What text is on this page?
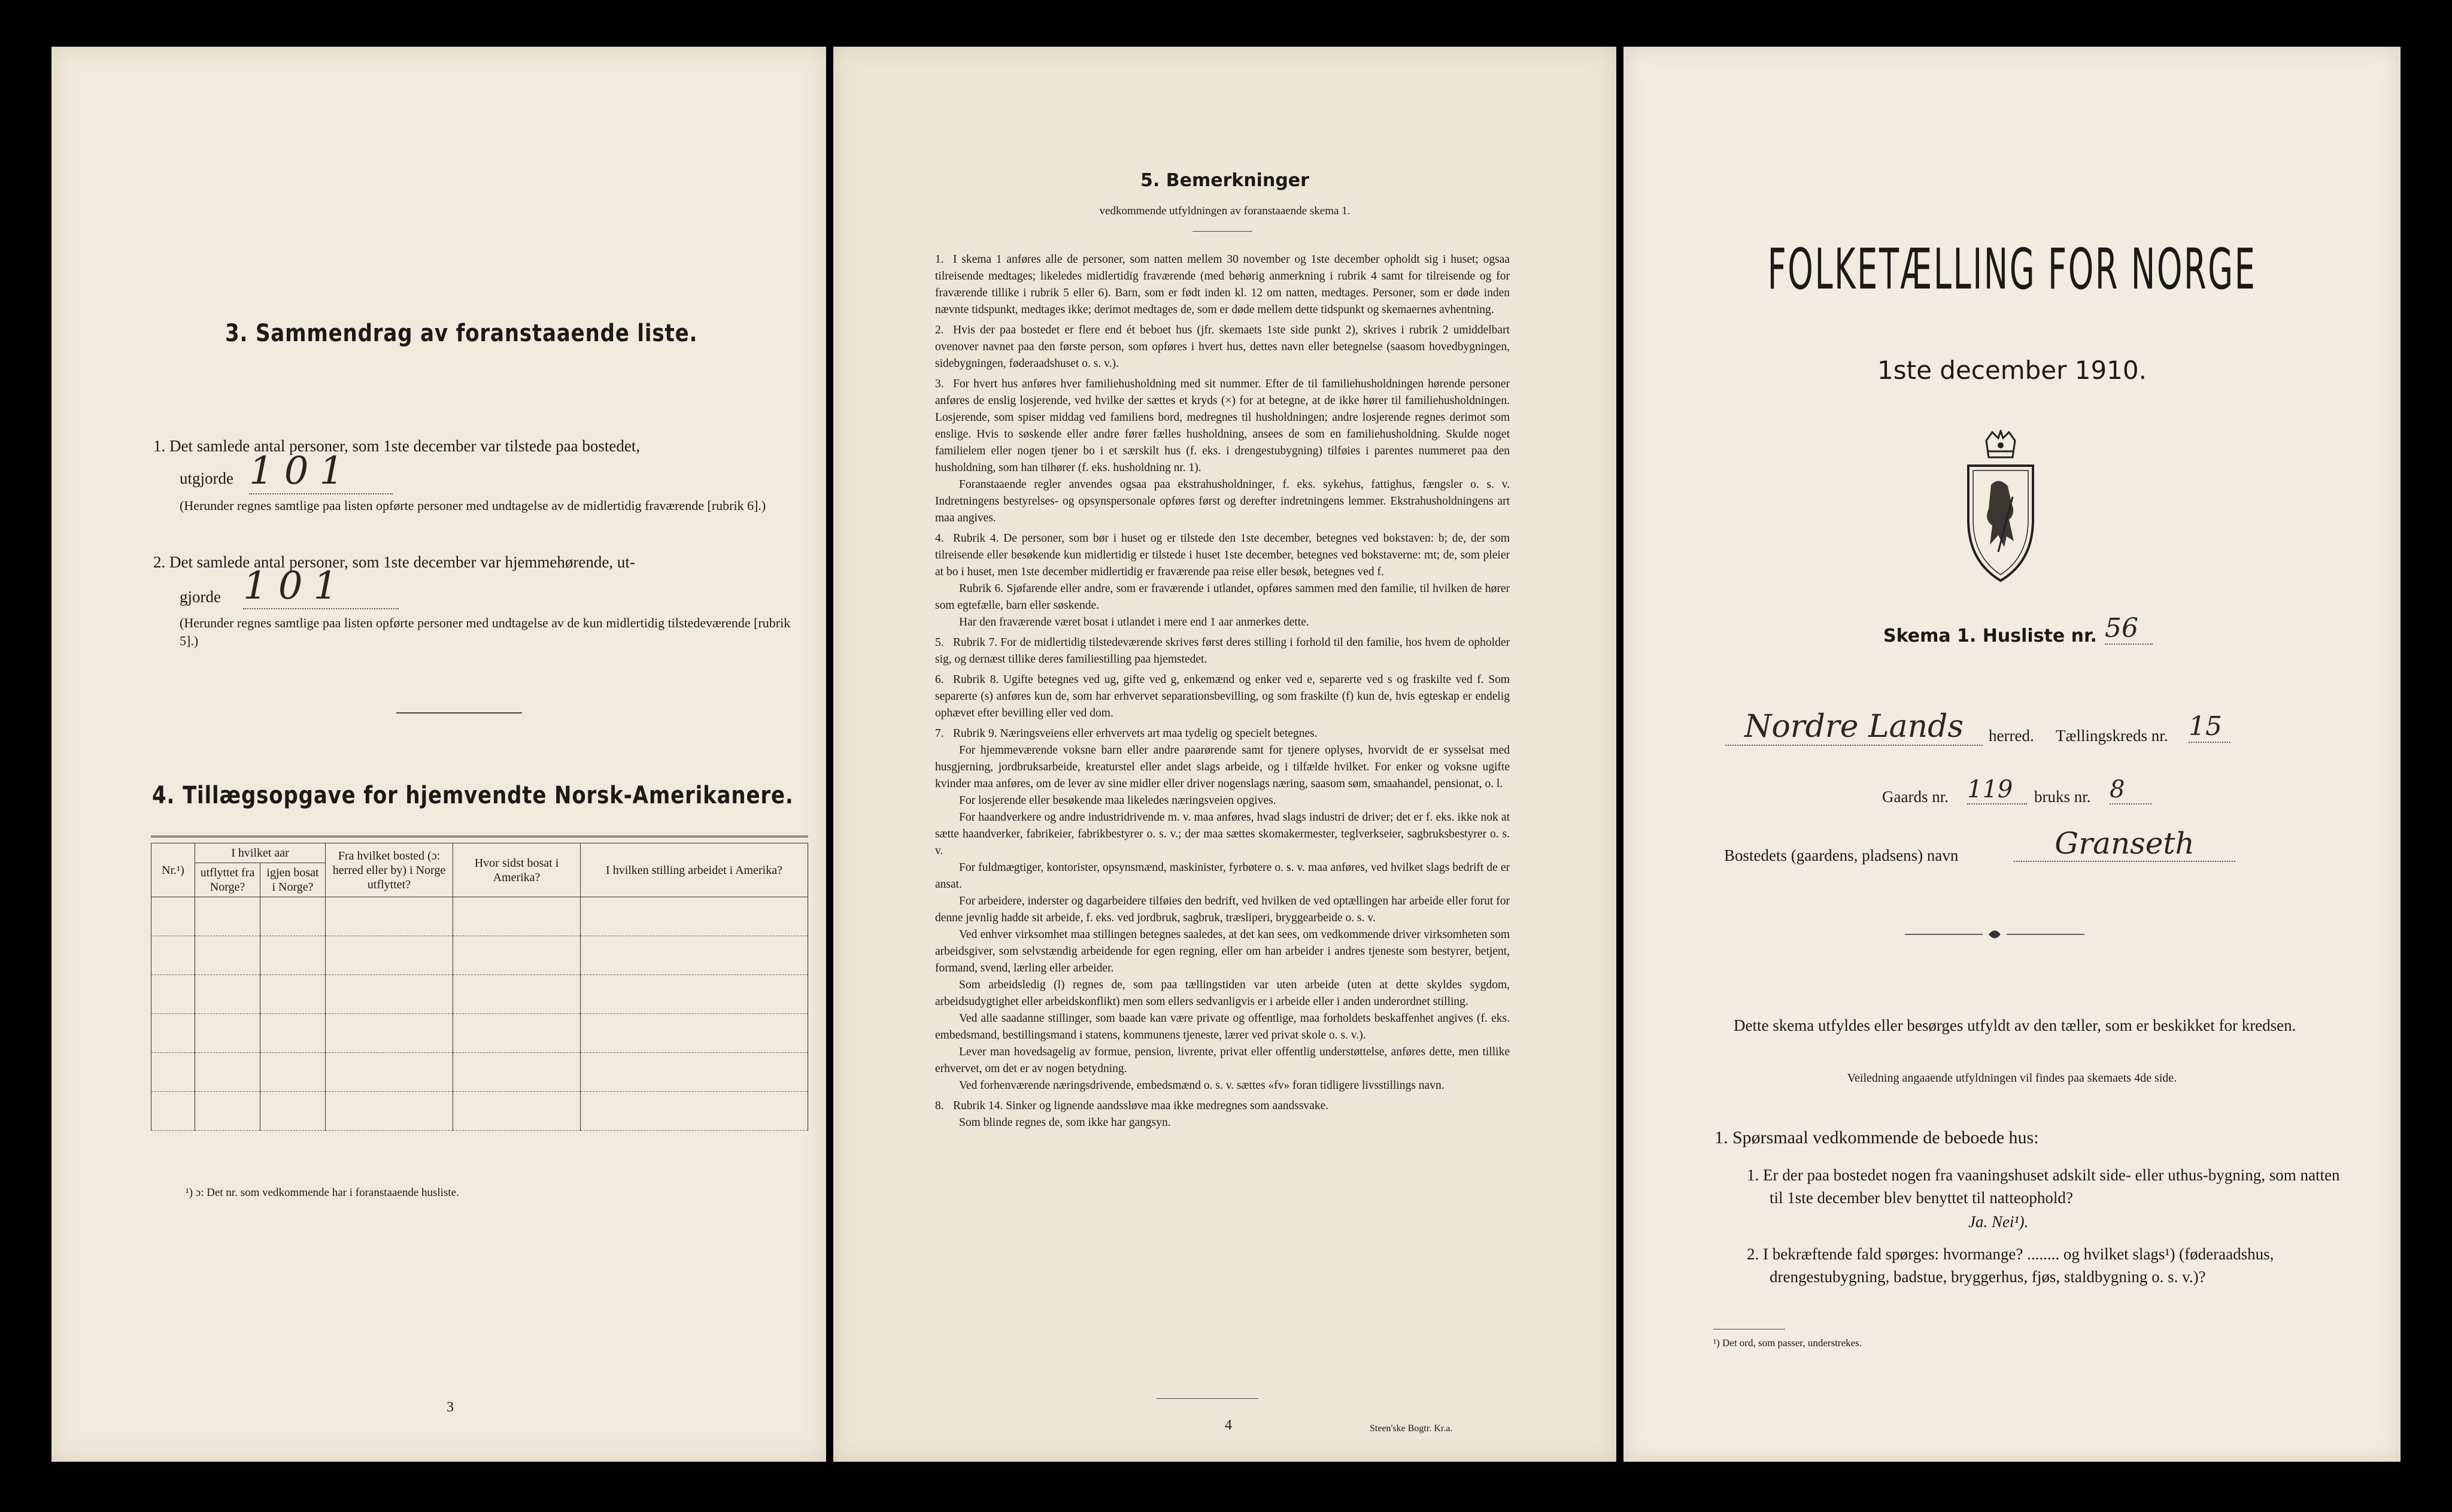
3. Sammendrag av foranstaaende liste.
1. Det samlede antal personer, som 1ste december var tilstede paa bostedet,
utgjorde 101
(Herunder regnes samtlige paa listen opførte personer med undtagelse av de midlertidig fraværende [rubrik 6].)
2. Det samlede antal personer, som 1ste december var hjemmehørende, ut-
gjorde 101
(Herunder regnes samtlige paa listen opførte personer med undtagelse av de kun midlertidig tilstedeværende [rubrik 5].)
4. Tillægsopgave for hjemvendte Norsk-Amerikanere.
Nr.¹)	I hvilket aar		Fra hvilket bosted (ɔ: herred eller by) i Norge utflyttet?	Hvor sidst bosat i Amerika?	I hvilken stilling arbeidet i Amerika?
	utflyttet fra Norge?	igjen bosat i Norge?			

¹) ɔ: Det nr. som vedkommende har i foranstaaende husliste.
3
5. Bemerkninger
vedkommende utfyldningen av foranstaaende skema 1.

1. I skema 1 anføres alle de personer, som natten mellem 30 november og 1ste december opholdt sig i huset; ogsaa tilreisende medtages; likeledes midlertidig fraværende (med behørig anmerkning i rubrik 4 samt for tilreisende og for fraværende tillike i rubrik 5 eller 6). Barn, som er født inden kl. 12 om natten, medtages. Personer, som er døde inden nævnte tidspunkt, medtages ikke; derimot medtages de, som er døde mellem dette tidspunkt og skemaernes avhentning.

2. Hvis der paa bostedet er flere end ét beboet hus (jfr. skemaets 1ste side punkt 2), skrives i rubrik 2 umiddelbart ovenover navnet paa den første person, som opføres i hvert hus, dettes navn eller betegnelse (saasom hovedbygningen, sidebygningen, føderaadshuset o. s. v.).

3. For hvert hus anføres hver familiehusholdning med sit nummer. Efter de til familiehusholdningen hørende personer anføres de enslig losjerende, ved hvilke der sættes et kryds (×) for at betegne, at de ikke hører til familiehusholdningen. Losjerende, som spiser middag ved familiens bord, medregnes til husholdningen; andre losjerende regnes derimot som enslige. Hvis to søskende eller andre fører fælles husholdning, ansees de som en familiehusholdning. Skulde noget familielem eller nogen tjener bo i et særskilt hus (f. eks. i drengestubygning) tilføies i parentes nummeret paa den husholdning, som han tilhører (f. eks. husholdning nr. 1).

Foranstaaende regler anvendes ogsaa paa ekstrahusholdninger, f. eks. sykehus, fattighus, fængsler o. s. v. Indretningens bestyrelses- og opsynspersonale opføres først og derefter indretningens lemmer. Ekstrahusholdningens art maa angives.

4. Rubrik 4. De personer, som bør i huset og er tilstede den 1ste december, betegnes ved bokstaven: b; de, der som tilreisende eller besøkende kun midlertidig er tilstede i huset 1ste december, betegnes ved bokstaverne: mt; de, som pleier at bo i huset, men 1ste december midlertidig er fraværende paa reise eller besøk, betegnes ved f.

Rubrik 6. Sjøfarende eller andre, som er fraværende i utlandet, opføres sammen med den familie, til hvilken de hører som egtefælle, barn eller søskende.

Har den fraværende været bosat i utlandet i mere end 1 aar anmerkes dette.

5. Rubrik 7. For de midlertidig tilstedeværende skrives først deres stilling i forhold til den familie, hos hvem de opholder sig, og dernæst tillike deres familiestilling paa hjemstedet.

6. Rubrik 8. Ugifte betegnes ved ug, gifte ved g, enkemænd og enker ved e, separerte ved s og fraskilte ved f. Som separerte (s) anføres kun de, som har erhvervet separationsbevilling, og som fraskilte (f) kun de, hvis egteskap er endelig ophævet efter bevilling eller ved dom.

7. Rubrik 9. Næringsveiens eller erhvervets art maa tydelig og specielt betegnes.

For hjemmeværende voksne barn eller andre paarørende samt for tjenere oplyses, hvorvidt de er sysselsat med husgjerning, jordbruksarbeide, kreaturstel eller andet slags arbeide, og i tilfælde hvilket. For enker og voksne ugifte kvinder maa anføres, om de lever av sine midler eller driver nogenslags næring, saasom søm, smaahandel, pensionat, o. l.

For losjerende eller besøkende maa likeledes næringsveien opgives.

For haandverkere og andre industridrivende m. v. maa anføres, hvad slags industri de driver; det er f. eks. ikke nok at sætte haandverker, fabrikeier, fabrikbestyrer o. s. v.; der maa sættes skomakermester, teglverkseier, sagbruksbestyrer o. s. v.

For fuldmægtiger, kontorister, opsynsmænd, maskinister, fyrbøtere o. s. v. maa anføres, ved hvilket slags bedrift de er ansat.

For arbeidere, inderster og dagarbeidere tilføies den bedrift, ved hvilken de ved optællingen har arbeide eller forut for denne jevnlig hadde sit arbeide, f. eks. ved jordbruk, sagbruk, træsliperi, bryggearbeide o. s. v.

Ved enhver virksomhet maa stillingen betegnes saaledes, at det kan sees, om vedkommende driver virksomheten som arbeidsgiver, som selvstændig arbeidende for egen regning, eller om han arbeider i andres tjeneste som bestyrer, betjent, formand, svend, lærling eller arbeider.

Som arbeidsledig (l) regnes de, som paa tællingstiden var uten arbeide (uten at dette skyldes sygdom, arbeidsudygtighet eller arbeidskonflikt) men som ellers sedvanligvis er i arbeide eller i anden underordnet stilling.

Ved alle saadanne stillinger, som baade kan være private og offentlige, maa forholdets beskaffenhet angives (f. eks. embedsmand, bestillingsmand i statens, kommunens tjeneste, lærer ved privat skole o. s. v.).

Lever man hovedsagelig av formue, pension, livrente, privat eller offentlig understøttelse, anføres dette, men tillike erhvervet, om det er av nogen betydning.

Ved forhenværende næringsdrivende, embedsmænd o. s. v. sættes «fv» foran tidligere livsstillings navn.

8. Rubrik 14. Sinker og lignende aandssløve maa ikke medregnes som aandssvake.

Som blinde regnes de, som ikke har gangsyn.

4	Steen'ske Bogtr. Kr.a.
FOLKETÆLLING FOR NORGE
1ste december 1910.
Skema 1. Husliste nr. 56
Nordre Lands	herred. Tællingskreds nr. 15
Gaards nr. 119	bruks nr. 8
Bostedets (gaardens, pladsens) navn	Granseth
Dette skema utfyldes eller besørges utfyldt av den tæller, som er beskikket for kredsen.
Veiledning angaaende utfyldningen vil findes paa skemaets 4de side.
1. Spørsmaal vedkommende de beboede hus:
1. Er der paa bostedet nogen fra vaaningshuset adskilt side- eller uthus-bygning, som natten til 1ste december blev benyttet til natteophold?
Ja. Nei¹).
2. I bekræftende fald spørges: hvormange? ........ og hvilket slags¹) (føderaadshus, drengestubygning, badstue, bryggerhus, fjøs, staldbygning o. s. v.)?
¹) Det ord, som passer, understrekes.
